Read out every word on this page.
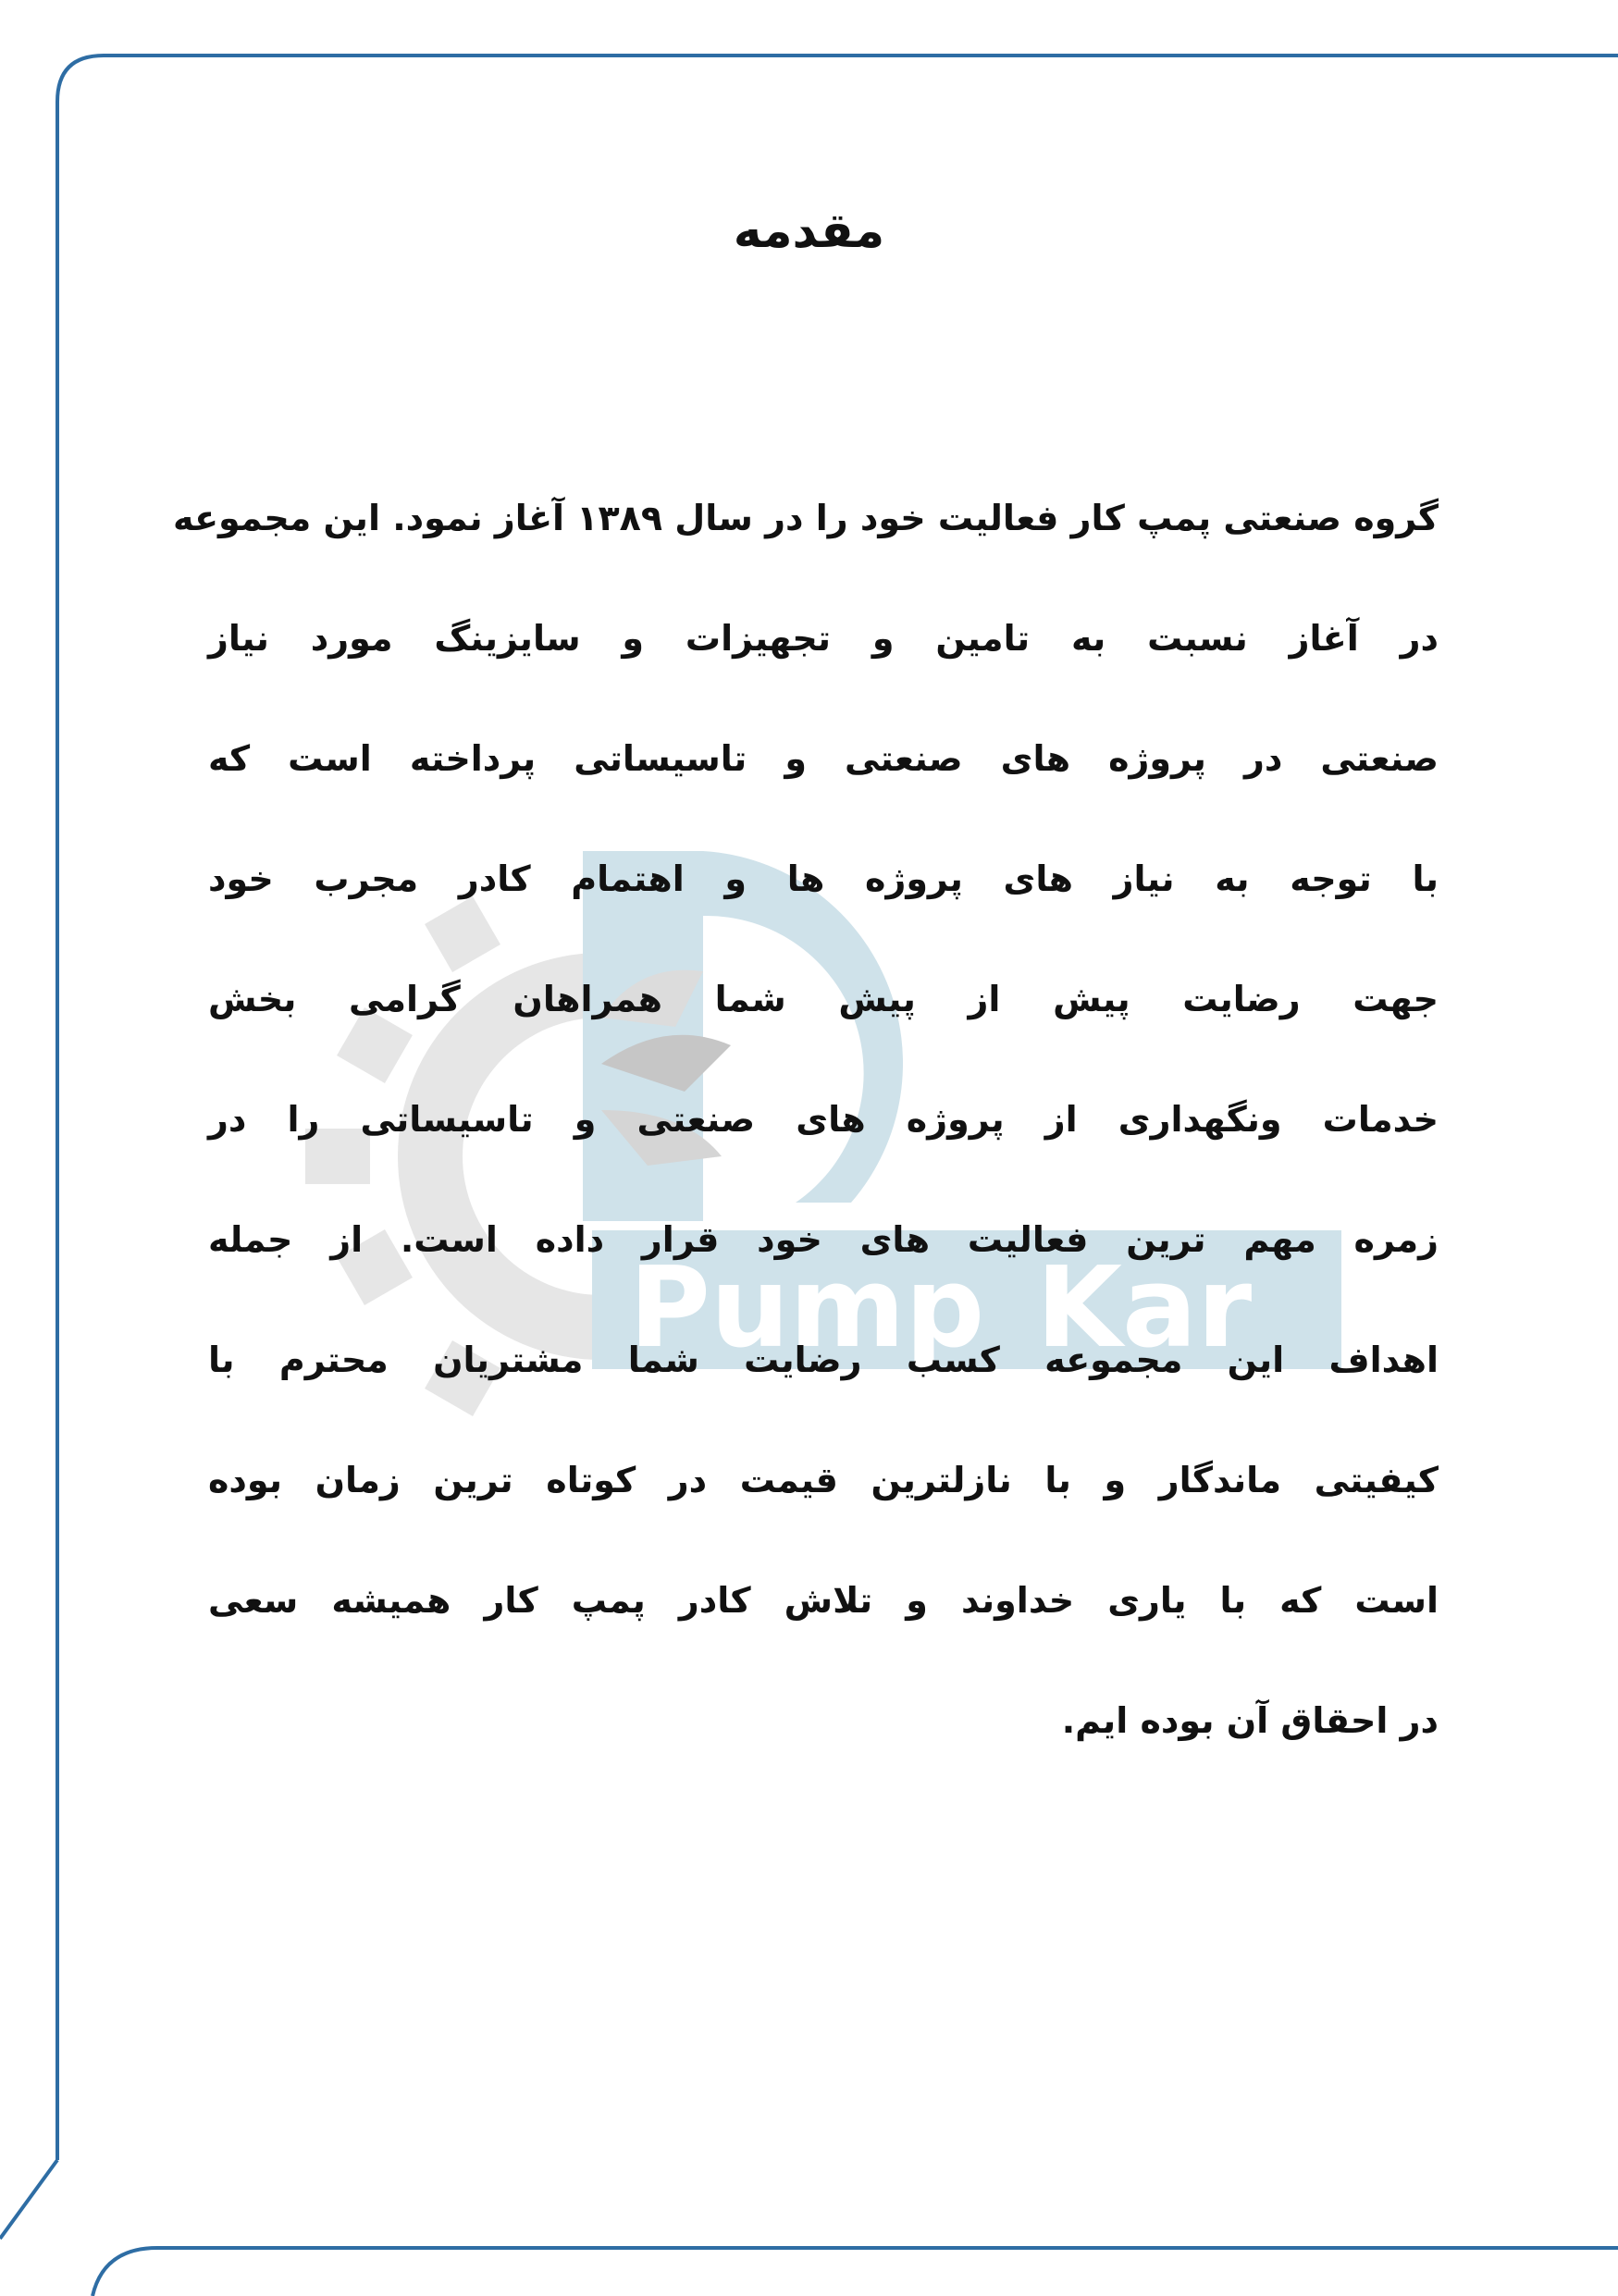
Pump Kar
مقدمه
گروه صنعتی پمپ کار فعالیت خود را در سال ۱۳۸۹ آغاز نمود. این مجموعه
در آغاز نسبت به تامین و تجهیزات و سایزینگ مورد نیاز
صنعتی در پروژه های صنعتی و تاسیساتی پرداخته است که
با توجه به نیاز های پروژه ها و اهتمام کادر مجرب خود
جهت رضایت پیش از پیش شما همراهان گرامی بخش
خدمات ونگهداری از پروژه های صنعتی و تاسیساتی را در
زمره مهم ترین فعالیت های خود قرار داده است. از جمله
اهداف این مجموعه کسب رضایت شما مشتریان محترم با
کیفیتی ماندگار و با نازلترین قیمت در کوتاه ترین زمان بوده
است که با یاری خداوند و تلاش کادر پمپ کار همیشه سعی
در احقاق آن بوده ایم.
